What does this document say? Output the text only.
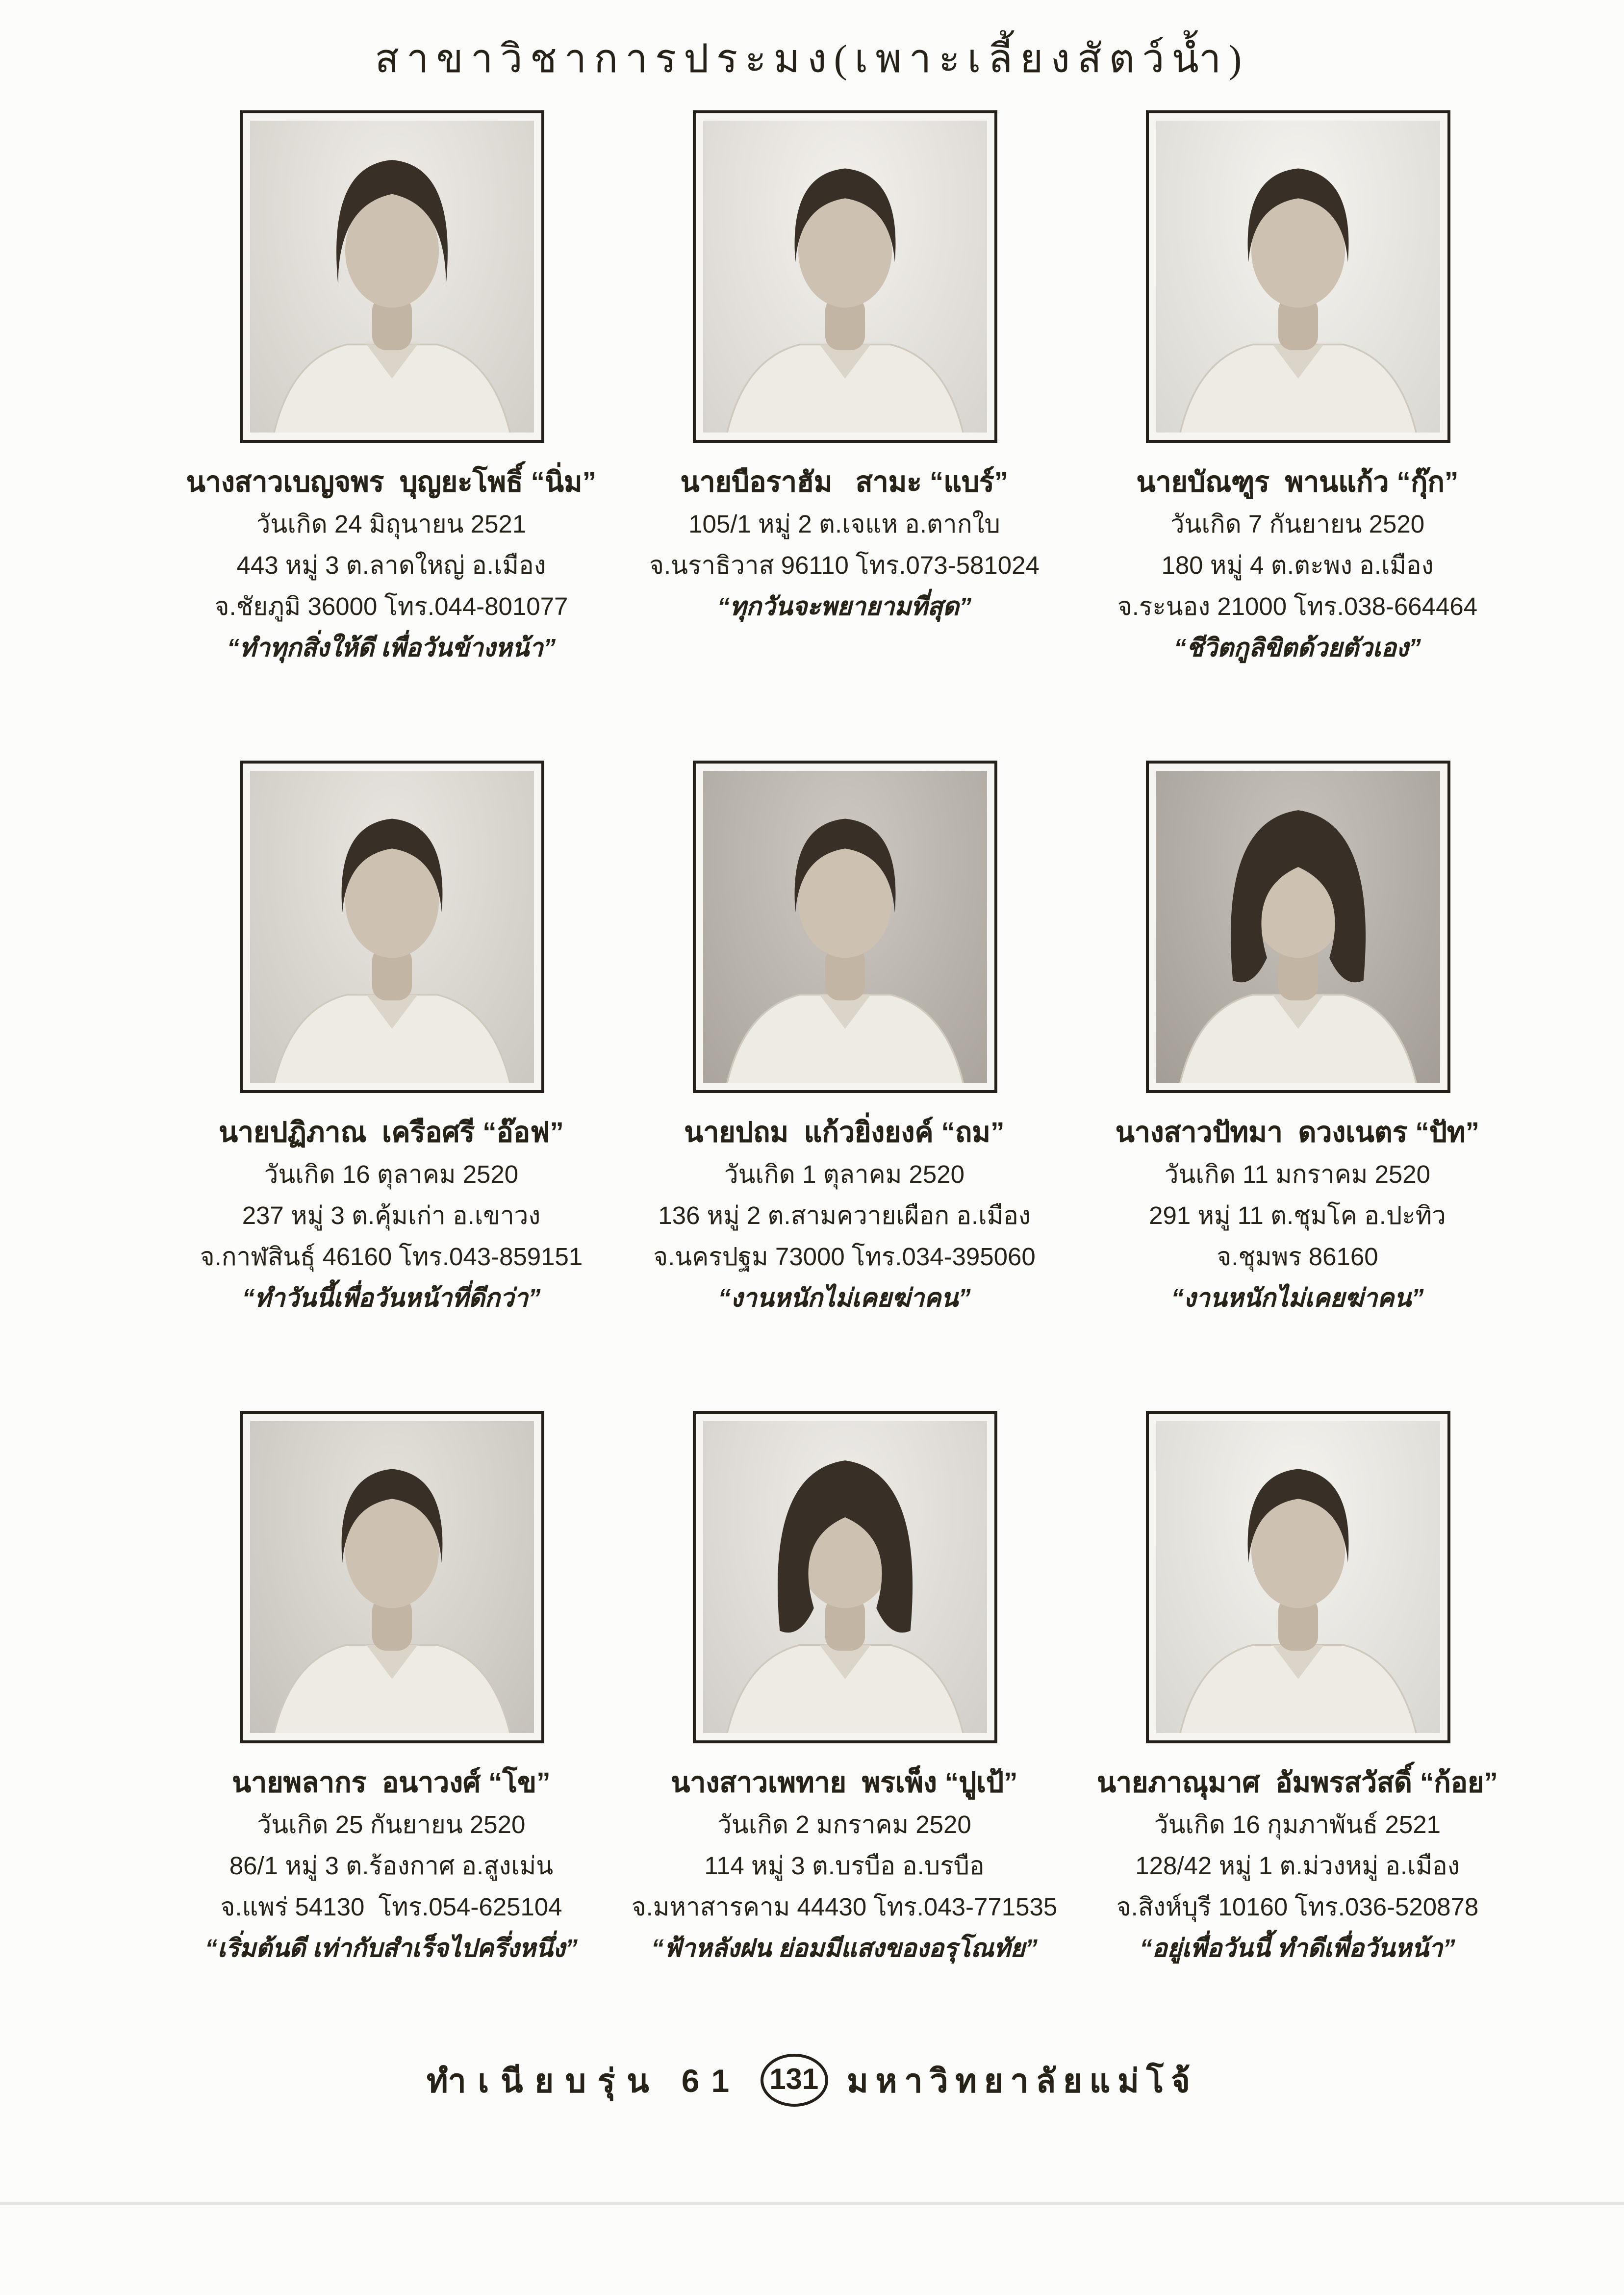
สาขาวิชาการประมง(เพาะเลี้ยงสัตว์น้ำ)
นางสาวเบญจพร  บุญยะโพธิ์ “นิ่ม”
วันเกิด 24 มิถุนายน 2521
443 หมู่ 3 ต.ลาดใหญ่ อ.เมือง
จ.ชัยภูมิ 36000 โทร.044-801077
“ทำทุกสิ่งให้ดี เพื่อวันข้างหน้า”
นายบือราฮัม   สามะ “แบร์”
105/1 หมู่ 2 ต.เจแห อ.ตากใบ
จ.นราธิวาส 96110 โทร.073-581024
“ทุกวันจะพยายามที่สุด”
นายบัณฑูร  พานแก้ว “กุ๊ก”
วันเกิด 7 กันยายน 2520
180 หมู่ 4 ต.ตะพง อ.เมือง
จ.ระนอง 21000 โทร.038-664464
“ชีวิตกูลิขิตด้วยตัวเอง”
นายปฏิภาณ  เครือศรี “อ๊อฟ”
วันเกิด 16 ตุลาคม 2520
237 หมู่ 3 ต.คุ้มเก่า อ.เขาวง
จ.กาฬสินธุ์ 46160 โทร.043-859151
“ทำวันนี้เพื่อวันหน้าที่ดีกว่า”
นายปถม  แก้วยิ่งยงค์ “ถม”
วันเกิด 1 ตุลาคม 2520
136 หมู่ 2 ต.สามควายเผือก อ.เมือง
จ.นครปฐม 73000 โทร.034-395060
“งานหนักไม่เคยฆ่าคน”
นางสาวปัทมา  ดวงเนตร “ปัท”
วันเกิด 11 มกราคม 2520
291 หมู่ 11 ต.ชุมโค อ.ปะทิว
จ.ชุมพร 86160
“งานหนักไม่เคยฆ่าคน”
นายพลากร  อนาวงศ์ “โข”
วันเกิด 25 กันยายน 2520
86/1 หมู่ 3 ต.ร้องกาศ อ.สูงเม่น
จ.แพร่ 54130  โทร.054-625104
“เริ่มต้นดี เท่ากับสำเร็จไปครึ่งหนึ่ง”
นางสาวเพทาย  พรเพ็ง “ปูเป้”
วันเกิด 2 มกราคม 2520
114 หมู่ 3 ต.บรบือ อ.บรบือ
จ.มหาสารคาม 44430 โทร.043-771535
“ฟ้าหลังฝน ย่อมมีแสงของอรุโณทัย”
นายภาณุมาศ  อัมพรสวัสดิ์ “ก้อย”
วันเกิด 16 กุมภาพันธ์ 2521
128/42 หมู่ 1 ต.ม่วงหมู่ อ.เมือง
จ.สิงห์บุรี 10160 โทร.036-520878
“อยู่เพื่อวันนี้ ทำดีเพื่อวันหน้า”
ทำเนียบรุ่น 61	131	มหาวิทยาลัยแม่โจ้
